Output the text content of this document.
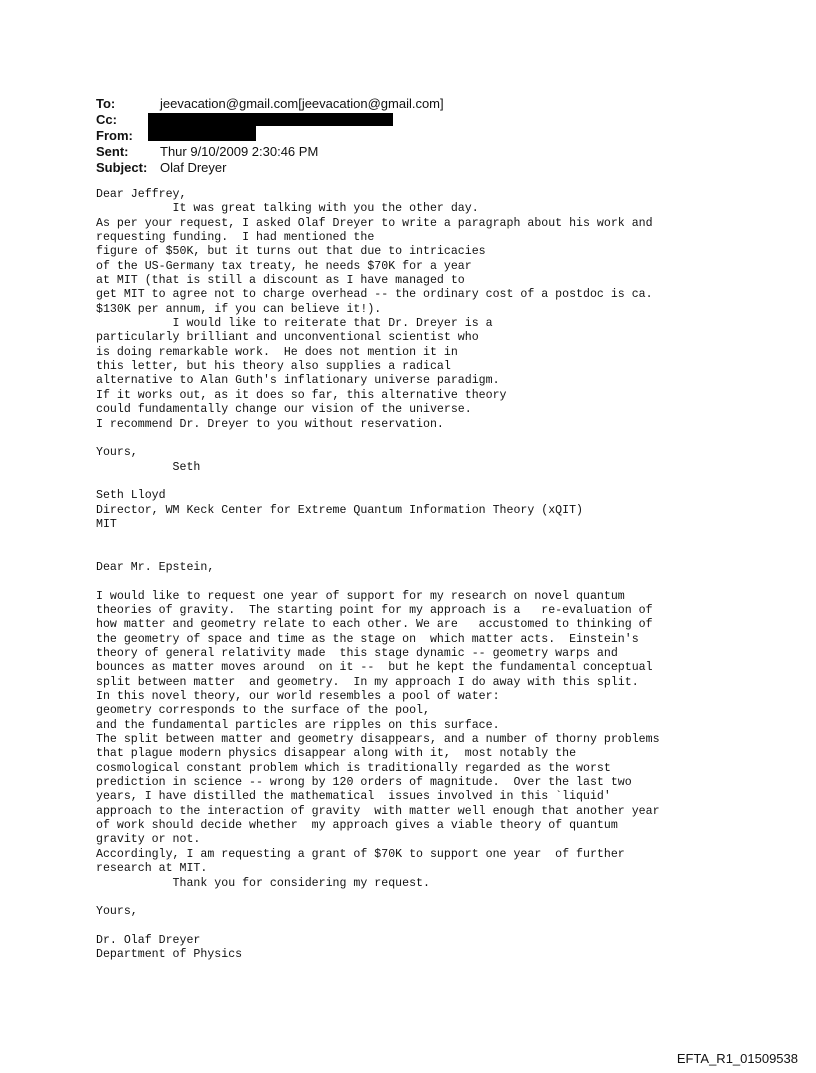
To:	jeevacation@gmail.com[jeevacation@gmail.com]
Cc:
From:
Sent: Thur 9/10/2009 2:30:46 PM
Subject: Olaf Dreyer
Dear Jeffrey,
It was great talking with you the other day.
As per your request, I asked Olaf Dreyer to write a paragraph about his work and
requesting funding.  I had mentioned the
figure of $50K, but it turns out that due to intricacies
of the US-Germany tax treaty, he needs $70K for a year
at MIT (that is still a discount as I have managed to
get MIT to agree not to charge overhead -- the ordinary cost of a postdoc is ca.
$130K per annum, if you can believe it!).
I would like to reiterate that Dr. Dreyer is a
particularly brilliant and unconventional scientist who
is doing remarkable work.  He does not mention it in
this letter, but his theory also supplies a radical
alternative to Alan Guth's inflationary universe paradigm.
If it works out, as it does so far, this alternative theory
could fundamentally change our vision of the universe.
I recommend Dr. Dreyer to you without reservation.
Yours,
Seth
Seth Lloyd
Director, WM Keck Center for Extreme Quantum Information Theory (xQIT)
MIT
Dear Mr. Epstein,
I would like to request one year of support for my research on novel quantum
theories of gravity.  The starting point for my approach is a   re-evaluation of
how matter and geometry relate to each other. We are   accustomed to thinking of
the geometry of space and time as the stage on  which matter acts.  Einstein's
theory of general relativity made  this stage dynamic -- geometry warps and
bounces as matter moves around  on it --  but he kept the fundamental conceptual
split between matter  and geometry.  In my approach I do away with this split.
In this novel theory, our world resembles a pool of water:
geometry corresponds to the surface of the pool,
and the fundamental particles are ripples on this surface.
The split between matter and geometry disappears, and a number of thorny problems
that plague modern physics disappear along with it,  most notably the
cosmological constant problem which is traditionally regarded as the worst
prediction in science -- wrong by 120 orders of magnitude.  Over the last two
years, I have distilled the mathematical  issues involved in this `liquid'
approach to the interaction of gravity  with matter well enough that another year
of work should decide whether  my approach gives a viable theory of quantum
gravity or not.
Accordingly, I am requesting a grant of $70K to support one year  of further
research at MIT.
Thank you for considering my request.
Yours,
Dr. Olaf Dreyer
Department of Physics
EFTA_R1_01509538
